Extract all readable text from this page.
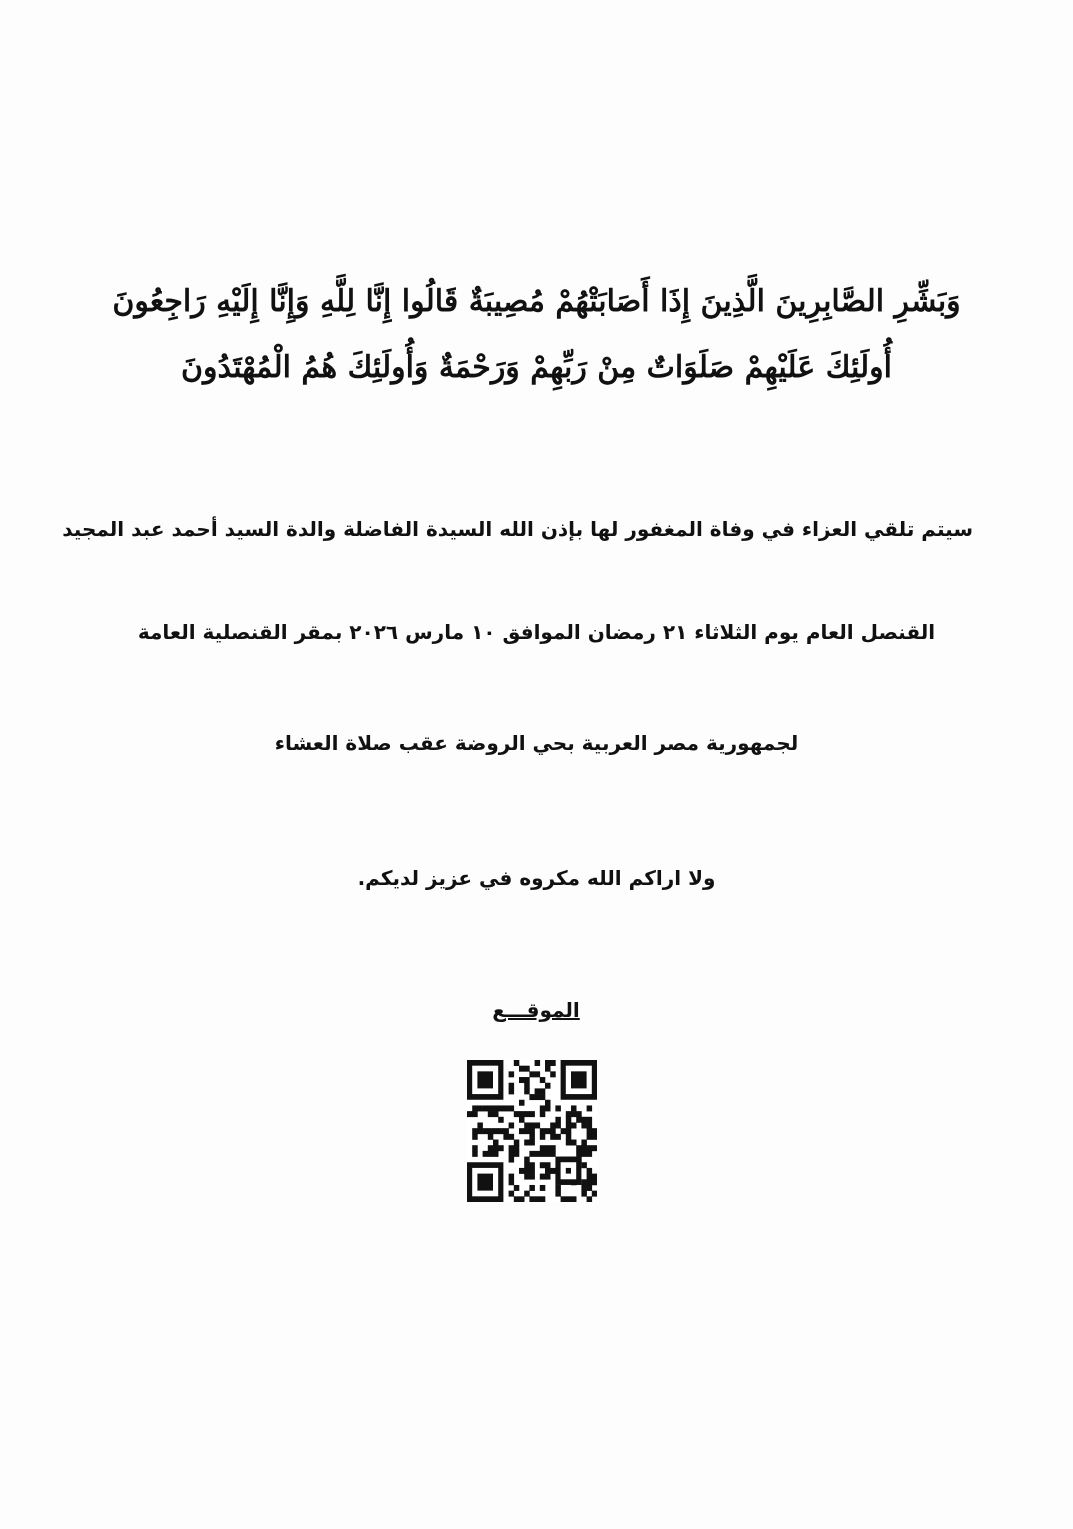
وَبَشِّرِ الصَّابِرِينَ الَّذِينَ إِذَا أَصَابَتْهُمْ مُصِيبَةٌ قَالُوا إِنَّا لِلَّهِ وَإِنَّا إِلَيْهِ رَاجِعُونَ
أُولَئِكَ عَلَيْهِمْ صَلَوَاتٌ مِنْ رَبِّهِمْ وَرَحْمَةٌ وَأُولَئِكَ هُمُ الْمُهْتَدُونَ
سيتم تلقي العزاء في وفاة المغفور لها بإذن الله السيدة الفاضلة والدة السيد أحمد عبد المجيد
القنصل العام يوم الثلاثاء ٢١ رمضان الموافق ١٠ مارس ٢٠٢٦ بمقر القنصلية العامة
لجمهورية مصر العربية بحي الروضة عقب صلاة العشاء
ولا اراكم الله مكروه في عزيز لديكم.
الموقـــع
